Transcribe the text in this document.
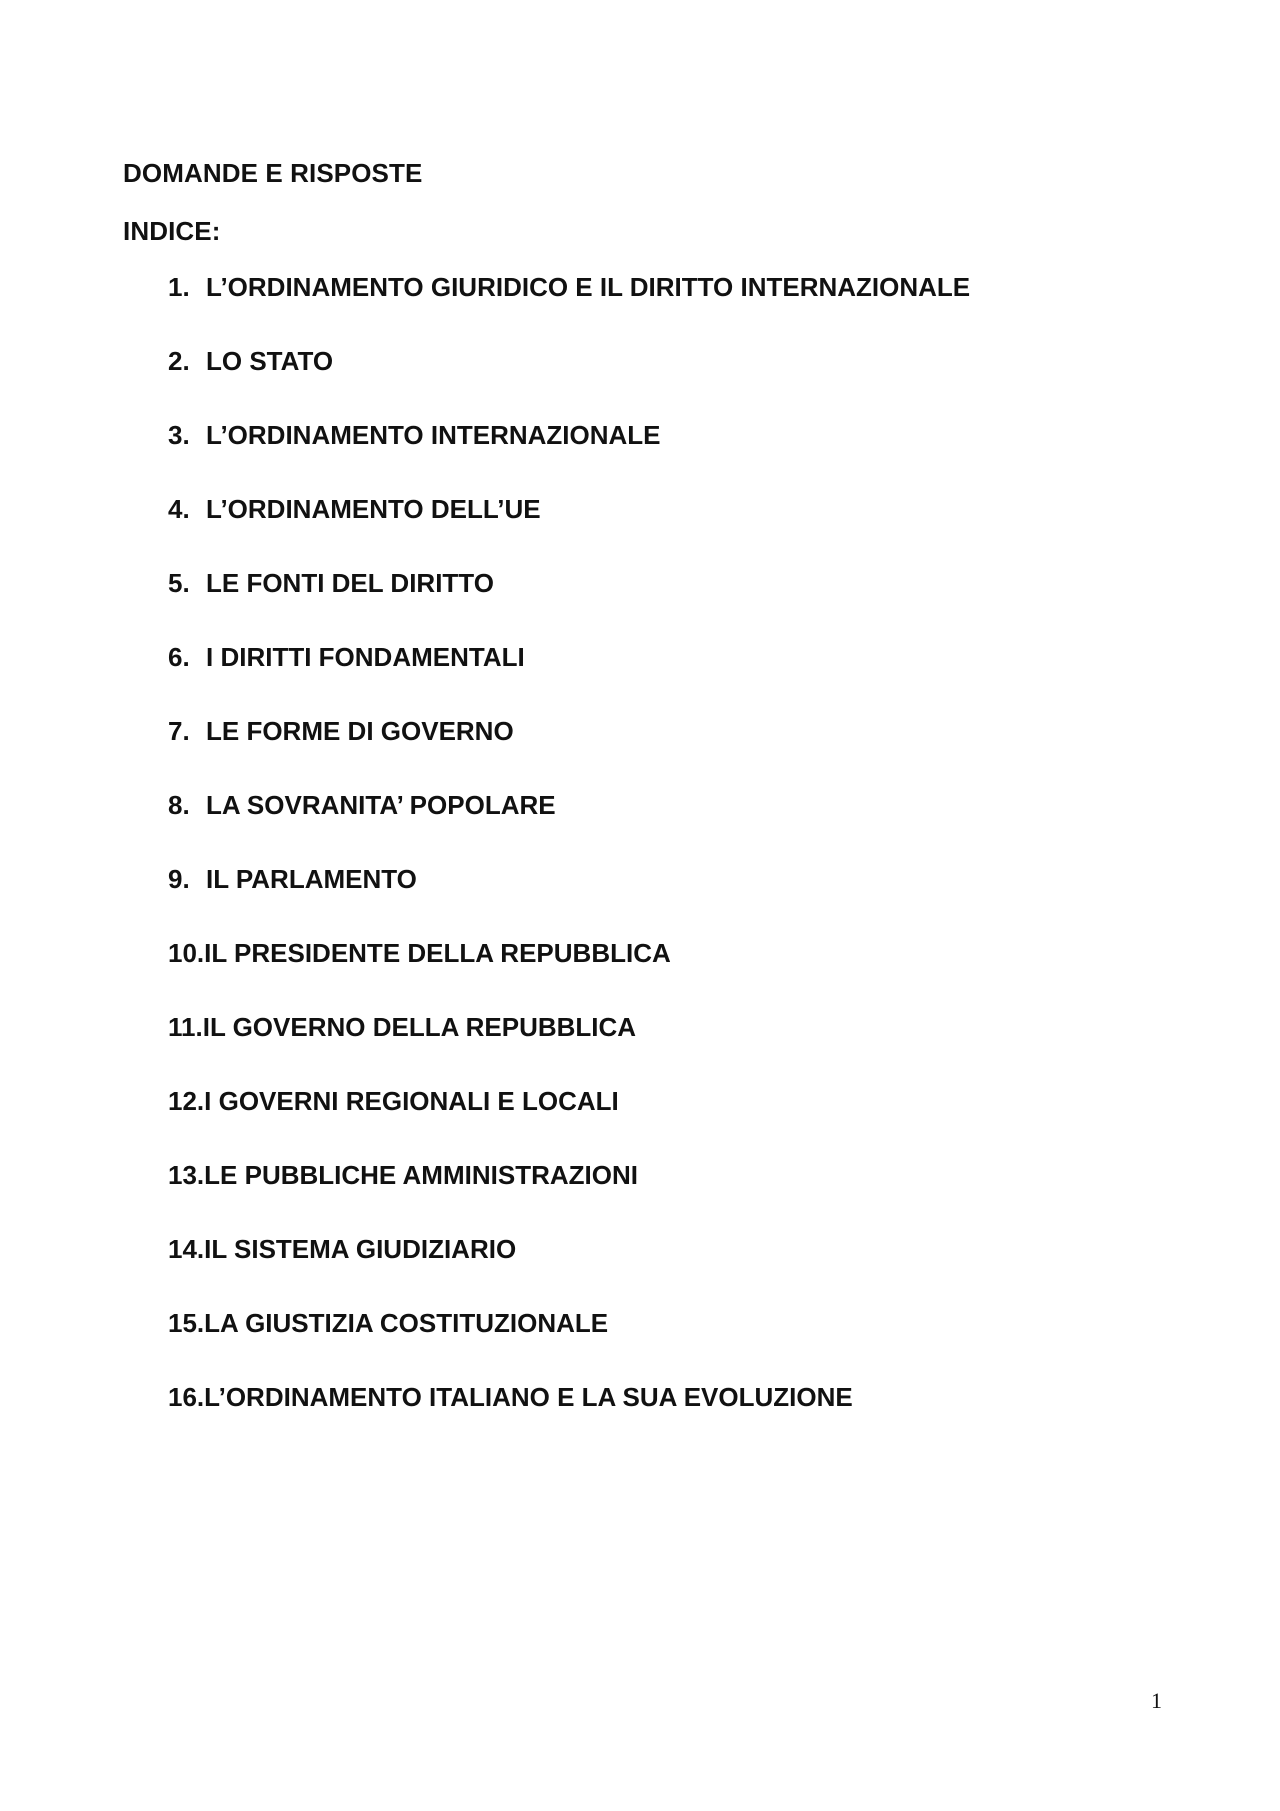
DOMANDE E RISPOSTE
INDICE:
1. L’ORDINAMENTO GIURIDICO E IL DIRITTO INTERNAZIONALE
2. LO STATO
3. L’ORDINAMENTO INTERNAZIONALE
4. L’ORDINAMENTO DELL’UE
5. LE FONTI DEL DIRITTO
6. I DIRITTI FONDAMENTALI
7. LE FORME DI GOVERNO
8. LA SOVRANITA’ POPOLARE
9. IL PARLAMENTO
10. IL PRESIDENTE DELLA REPUBBLICA
11. IL GOVERNO DELLA REPUBBLICA
12. I GOVERNI REGIONALI E LOCALI
13. LE PUBBLICHE AMMINISTRAZIONI
14. IL SISTEMA GIUDIZIARIO
15. LA GIUSTIZIA COSTITUZIONALE
16. L’ORDINAMENTO ITALIANO E LA SUA EVOLUZIONE
1
